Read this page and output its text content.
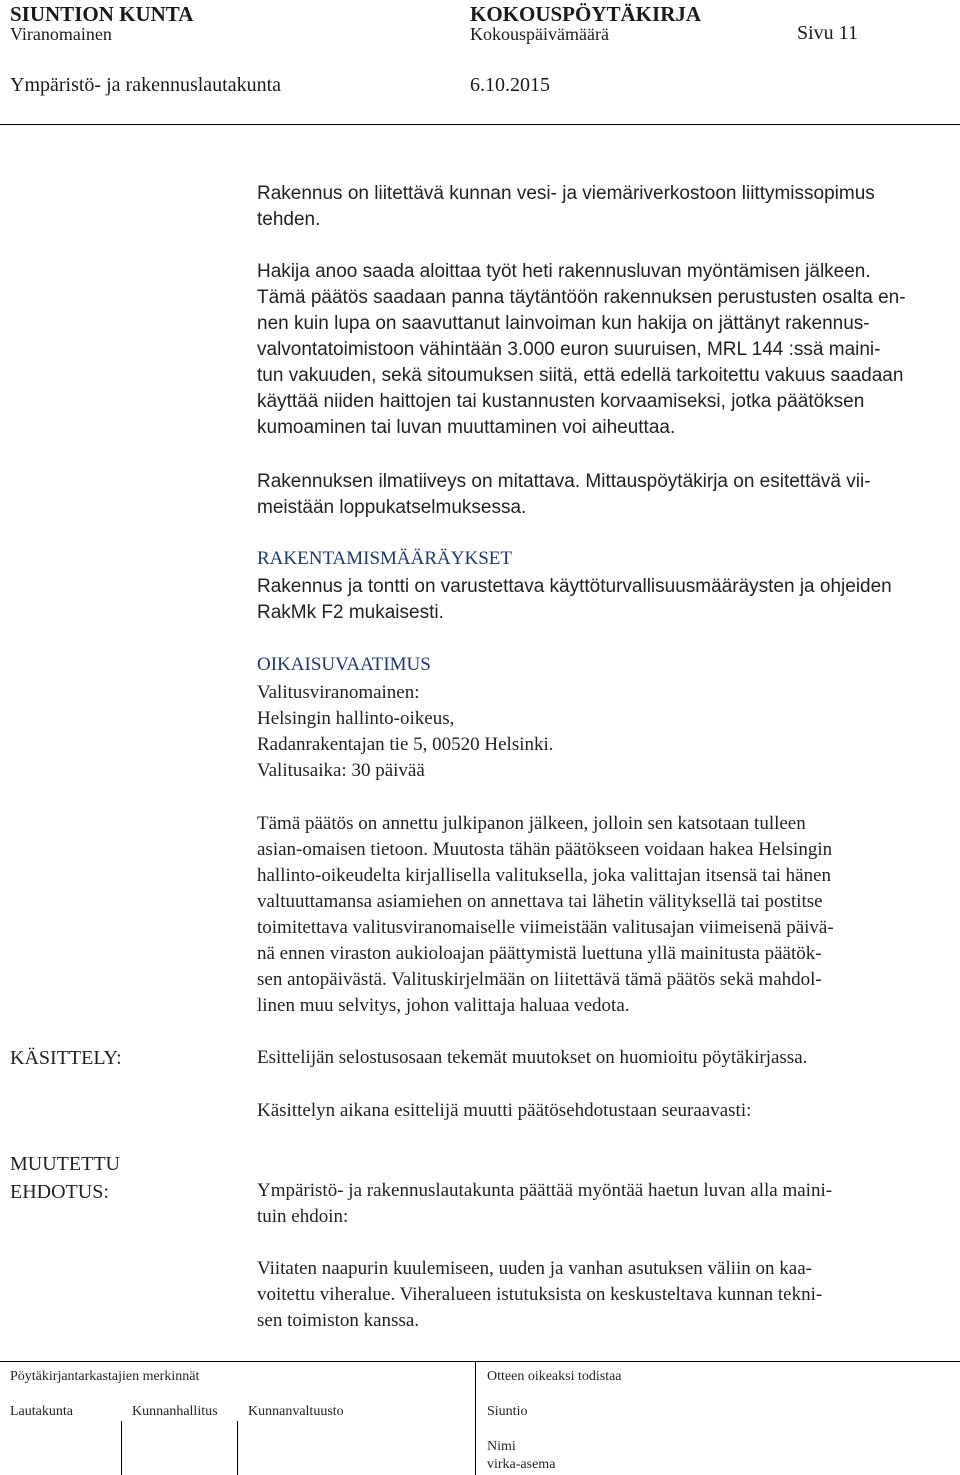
SIUNTION KUNTA	KOKOUSPÖYTÄKIRJA
Viranomainen	Kokouspäivämäärä	Sivu 11
Ympäristö- ja rakennuslautakunta	6.10.2015

Rakennus on liitettävä kunnan vesi- ja viemäriverkostoon liittymissopimus

tehden.

Hakija anoo saada aloittaa työt heti rakennusluvan myöntämisen jälkeen.

Tämä päätös saadaan panna täytäntöön rakennuksen perustusten osalta en-

nen kuin lupa on saavuttanut lainvoiman kun hakija on jättänyt rakennus-

valvontatoimistoon vähintään 3.000 euron suuruisen, MRL 144 :ssä maini-

tun vakuuden, sekä sitoumuksen siitä, että edellä tarkoitettu vakuus saadaan

käyttää niiden haittojen tai kustannusten korvaamiseksi, jotka päätöksen

kumoaminen tai luvan muuttaminen voi aiheuttaa.

Rakennuksen ilmatiiveys on mitattava. Mittauspöytäkirja on esitettävä vii-

meistään loppukatselmuksessa.

RAKENTAMISMÄÄRÄYKSET

Rakennus ja tontti on varustettava käyttöturvallisuusmääräysten ja ohjeiden

RakMk F2 mukaisesti.

OIKAISUVAATIMUS

Valitusviranomainen:

Helsingin hallinto-oikeus,

Radanrakentajan tie 5, 00520 Helsinki.

Valitusaika: 30 päivää

Tämä päätös on annettu julkipanon jälkeen, jolloin sen katsotaan tulleen

asian-omaisen tietoon. Muutosta tähän päätökseen voidaan hakea Helsingin

hallinto-oikeudelta kirjallisella valituksella, joka valittajan itsensä tai hänen

valtuuttamansa asiamiehen on annettava tai lähetin välityksellä tai postitse

toimitettava valitusviranomaiselle viimeistään valitusajan viimeisenä päivä-

nä ennen viraston aukioloajan päättymistä luettuna yllä mainitusta päätök-

sen antopäivästä. Valituskirjelmään on liitettävä tämä päätös sekä mahdol-

linen muu selvitys, johon valittaja haluaa vedota.

KÄSITTELY:	Esittelijän selostusosaan tekemät muutokset on huomioitu pöytäkirjassa.
Käsittelyn aikana esittelijä muutti päätösehdotustaan seuraavasti:

MUUTETTU

EHDOTUS:	Ympäristö- ja rakennuslautakunta päättää myöntää haetun luvan alla maini-

tuin ehdoin:

Viitaten naapurin kuulemiseen, uuden ja vanhan asutuksen väliin on kaa-

voitettu viheralue. Viheralueen istutuksista on keskusteltava kunnan tekni-

sen toimiston kanssa.

Pöytäkirjantarkastajien merkinnät	Otteen oikeaksi todistaa
Lautakunta	Kunnanhallitus Kunnanvaltuusto	Siuntio
Nimi
virka-asema
